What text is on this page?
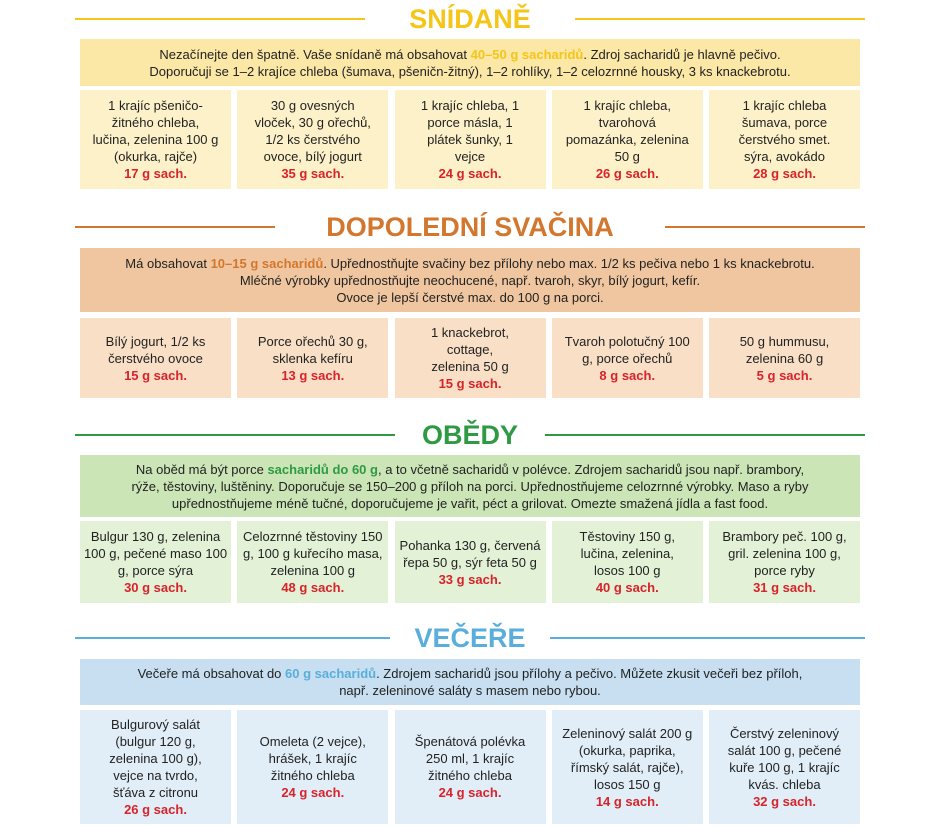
SNÍDANĚ
Nezačínejte den špatně. Vaše snídaně má obsahovat 40–50 g sacharidů. Zdroj sacharidů je hlavně pečivo.
Doporučuji se 1–2 krajíce chleba (šumava, pšeničn-žitný), 1–2 rohlíky, 1–2 celozrnné housky, 3 ks knackebrotu.
1 krajíc pšeničo-žitného chleba, lučina, zelenina 100 g (okurka, rajče)
17 g sach.
30 g ovesných vloček, 30 g ořechů, 1/2 ks čerstvého ovoce, bílý jogurt
35 g sach.
1 krajíc chleba, 1 porce másla, 1 plátek šunky, 1 vejce
24 g sach.
1 krajíc chleba, tvarohová pomazánka, zelenina 50 g
26 g sach.
1 krajíc chleba šumava, porce čerstvého smet. sýra, avokádo
28 g sach.
DOPOLEDNÍ SVAČINA
Má obsahovat 10–15 g sacharidů. Upřednostňujte svačiny bez přílohy nebo max. 1/2 ks pečiva nebo 1 ks knackebrotu.
Mléčné výrobky upřednostňujte neochucené, např. tvaroh, skyr, bílý jogurt, kefír.
Ovoce je lepší čerstvé max. do 100 g na porci.
Bílý jogurt, 1/2 ks čerstvého ovoce
15 g sach.
Porce ořechů 30 g, sklenka kefíru
13 g sach.
1 knackebrot, cottage, zelenina 50 g
15 g sach.
Tvaroh polotučný 100 g, porce ořechů
8 g sach.
50 g hummusu, zelenina 60 g
5 g sach.
OBĚDY
Na oběd má být porce sacharidů do 60 g, a to včetně sacharidů v polévce. Zdrojem sacharidů jsou např. brambory,
rýže, těstoviny, luštěniny. Doporučuje se 150–200 g příloh na porci. Upřednostňujeme celozrnné výrobky. Maso a ryby
upřednostňujeme méně tučné, doporučujeme je vařit, péct a grilovat. Omezte smažená jídla a fast food.
Bulgur 130 g, zelenina 100 g, pečené maso 100 g, porce sýra
30 g sach.
Celozrnné těstoviny 150 g, 100 g kuřecího masa, zelenina 100 g
48 g sach.
Pohanka 130 g, červená řepa 50 g, sýr feta 50 g
33 g sach.
Těstoviny 150 g, lučina, zelenina, losos 100 g
40 g sach.
Brambory peč. 100 g, gril. zelenina 100 g, porce ryby
31 g sach.
VEČEŘE
Večeře má obsahovat do 60 g sacharidů. Zdrojem sacharidů jsou přílohy a pečivo. Můžete zkusit večeři bez příloh,
např. zeleninové saláty s masem nebo rybou.
Bulgurový salát (bulgur 120 g, zelenina 100 g), vejce na tvrdo, šťáva z citronu
26 g sach.
Omeleta (2 vejce), hrášek, 1 krajíc žitného chleba
24 g sach.
Špenátová polévka 250 ml, 1 krajíc žitného chleba
24 g sach.
Zeleninový salát 200 g (okurka, paprika, římský salát, rajče), losos 150 g
14 g sach.
Čerstvý zeleninový salát 100 g, pečené kuře 100 g, 1 krajíc kvás. chleba
32 g sach.
